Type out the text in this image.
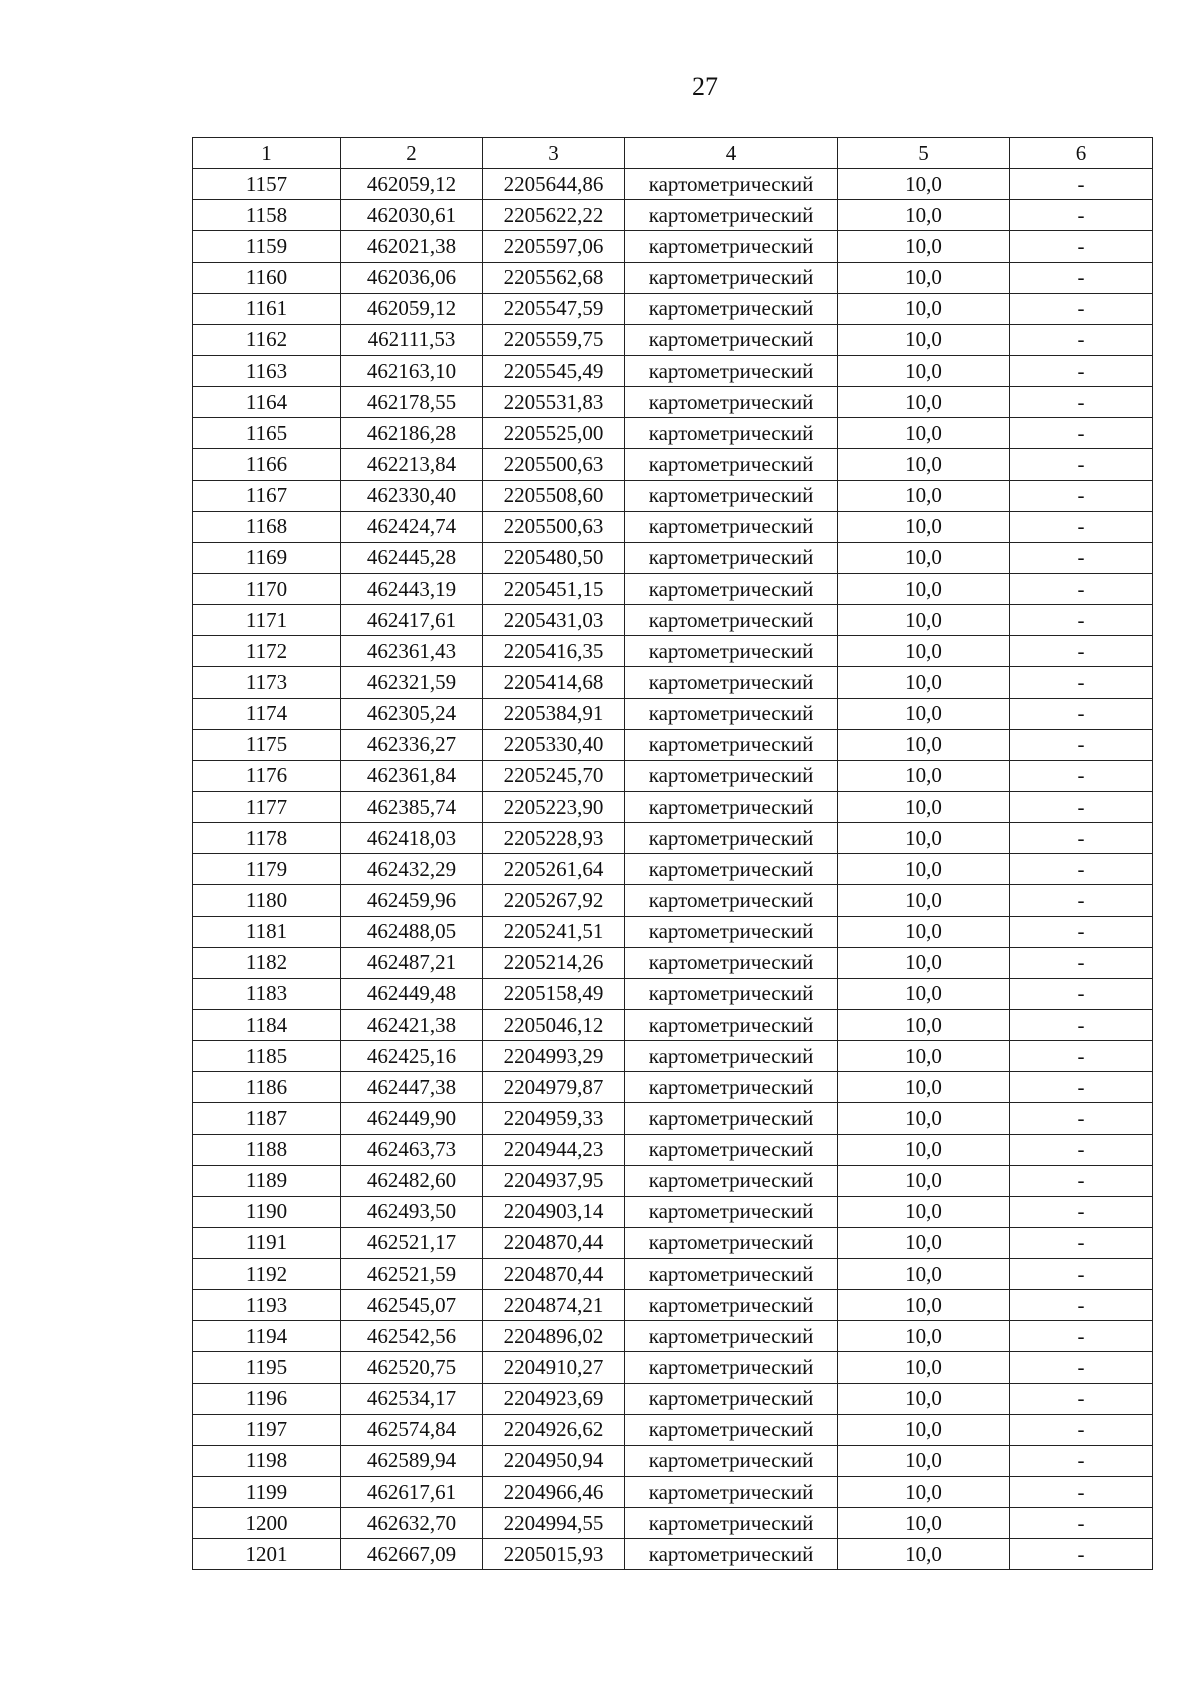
27
1	2	3	4	5	6
1157	462059,12	2205644,86	картометрический	10,0	-
1158	462030,61	2205622,22	картометрический	10,0	-
1159	462021,38	2205597,06	картометрический	10,0	-
1160	462036,06	2205562,68	картометрический	10,0	-
1161	462059,12	2205547,59	картометрический	10,0	-
1162	462111,53	2205559,75	картометрический	10,0	-
1163	462163,10	2205545,49	картометрический	10,0	-
1164	462178,55	2205531,83	картометрический	10,0	-
1165	462186,28	2205525,00	картометрический	10,0	-
1166	462213,84	2205500,63	картометрический	10,0	-
1167	462330,40	2205508,60	картометрический	10,0	-
1168	462424,74	2205500,63	картометрический	10,0	-
1169	462445,28	2205480,50	картометрический	10,0	-
1170	462443,19	2205451,15	картометрический	10,0	-
1171	462417,61	2205431,03	картометрический	10,0	-
1172	462361,43	2205416,35	картометрический	10,0	-
1173	462321,59	2205414,68	картометрический	10,0	-
1174	462305,24	2205384,91	картометрический	10,0	-
1175	462336,27	2205330,40	картометрический	10,0	-
1176	462361,84	2205245,70	картометрический	10,0	-
1177	462385,74	2205223,90	картометрический	10,0	-
1178	462418,03	2205228,93	картометрический	10,0	-
1179	462432,29	2205261,64	картометрический	10,0	-
1180	462459,96	2205267,92	картометрический	10,0	-
1181	462488,05	2205241,51	картометрический	10,0	-
1182	462487,21	2205214,26	картометрический	10,0	-
1183	462449,48	2205158,49	картометрический	10,0	-
1184	462421,38	2205046,12	картометрический	10,0	-
1185	462425,16	2204993,29	картометрический	10,0	-
1186	462447,38	2204979,87	картометрический	10,0	-
1187	462449,90	2204959,33	картометрический	10,0	-
1188	462463,73	2204944,23	картометрический	10,0	-
1189	462482,60	2204937,95	картометрический	10,0	-
1190	462493,50	2204903,14	картометрический	10,0	-
1191	462521,17	2204870,44	картометрический	10,0	-
1192	462521,59	2204870,44	картометрический	10,0	-
1193	462545,07	2204874,21	картометрический	10,0	-
1194	462542,56	2204896,02	картометрический	10,0	-
1195	462520,75	2204910,27	картометрический	10,0	-
1196	462534,17	2204923,69	картометрический	10,0	-
1197	462574,84	2204926,62	картометрический	10,0	-
1198	462589,94	2204950,94	картометрический	10,0	-
1199	462617,61	2204966,46	картометрический	10,0	-
1200	462632,70	2204994,55	картометрический	10,0	-
1201	462667,09	2205015,93	картометрический	10,0	-
